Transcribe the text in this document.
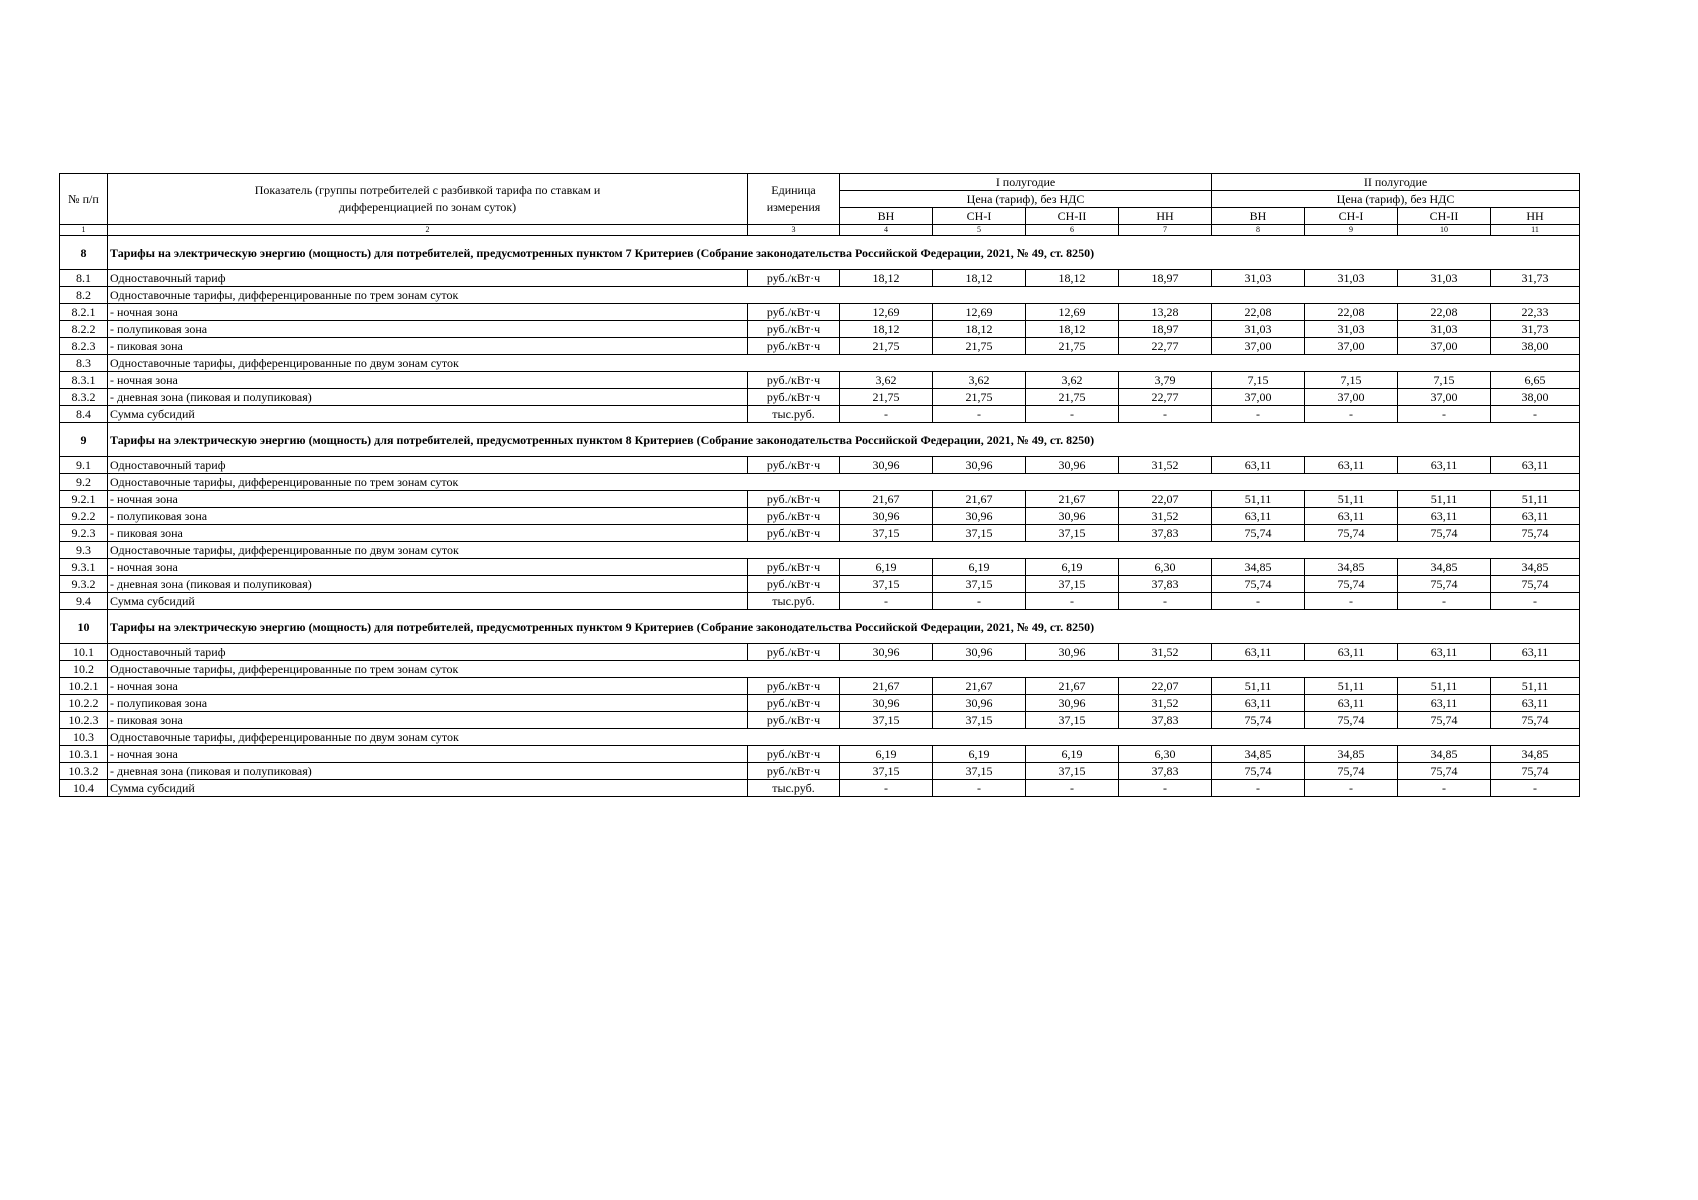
№ п/п	Показатель (группы потребителей с разбивкой тарифа по ставкам и дифференциацией по зонам суток)	Единица измерения	I полугодие				II полугодие			
			Цена (тариф), без НДС				Цена (тариф), без НДС			
			ВН	СН-I	СН-II	НН	ВН	СН-I	СН-II	НН
1	2	3	4	5	6	7	8	9	10	11
8	Тарифы на электрическую энергию (мощность) для потребителей, предусмотренных пунктом 7 Критериев (Собрание законодательства Российской Федерации, 2021, № 49, ст. 8250)									
8.1	Одноставочный тариф	руб./кВт·ч	18,12	18,12	18,12	18,97	31,03	31,03	31,03	31,73
8.2	Одноставочные тарифы, дифференцированные по трем зонам суток									
8.2.1	- ночная зона	руб./кВт·ч	12,69	12,69	12,69	13,28	22,08	22,08	22,08	22,33
8.2.2	- полупиковая зона	руб./кВт·ч	18,12	18,12	18,12	18,97	31,03	31,03	31,03	31,73
8.2.3	- пиковая зона	руб./кВт·ч	21,75	21,75	21,75	22,77	37,00	37,00	37,00	38,00
8.3	Одноставочные тарифы, дифференцированные по двум зонам суток									
8.3.1	- ночная зона	руб./кВт·ч	3,62	3,62	3,62	3,79	7,15	7,15	7,15	6,65
8.3.2	- дневная зона (пиковая и полупиковая)	руб./кВт·ч	21,75	21,75	21,75	22,77	37,00	37,00	37,00	38,00
8.4	Сумма субсидий	тыс.руб.	-	-	-	-	-	-	-	-
9	Тарифы на электрическую энергию (мощность) для потребителей, предусмотренных пунктом 8 Критериев (Собрание законодательства Российской Федерации, 2021, № 49, ст. 8250)									
9.1	Одноставочный тариф	руб./кВт·ч	30,96	30,96	30,96	31,52	63,11	63,11	63,11	63,11
9.2	Одноставочные тарифы, дифференцированные по трем зонам суток									
9.2.1	- ночная зона	руб./кВт·ч	21,67	21,67	21,67	22,07	51,11	51,11	51,11	51,11
9.2.2	- полупиковая зона	руб./кВт·ч	30,96	30,96	30,96	31,52	63,11	63,11	63,11	63,11
9.2.3	- пиковая зона	руб./кВт·ч	37,15	37,15	37,15	37,83	75,74	75,74	75,74	75,74
9.3	Одноставочные тарифы, дифференцированные по двум зонам суток									
9.3.1	- ночная зона	руб./кВт·ч	6,19	6,19	6,19	6,30	34,85	34,85	34,85	34,85
9.3.2	- дневная зона (пиковая и полупиковая)	руб./кВт·ч	37,15	37,15	37,15	37,83	75,74	75,74	75,74	75,74
9.4	Сумма субсидий	тыс.руб.	-	-	-	-	-	-	-	-
10	Тарифы на электрическую энергию (мощность) для потребителей, предусмотренных пунктом 9 Критериев (Собрание законодательства Российской Федерации, 2021, № 49, ст. 8250)									
10.1	Одноставочный тариф	руб./кВт·ч	30,96	30,96	30,96	31,52	63,11	63,11	63,11	63,11
10.2	Одноставочные тарифы, дифференцированные по трем зонам суток									
10.2.1	- ночная зона	руб./кВт·ч	21,67	21,67	21,67	22,07	51,11	51,11	51,11	51,11
10.2.2	- полупиковая зона	руб./кВт·ч	30,96	30,96	30,96	31,52	63,11	63,11	63,11	63,11
10.2.3	- пиковая зона	руб./кВт·ч	37,15	37,15	37,15	37,83	75,74	75,74	75,74	75,74
10.3	Одноставочные тарифы, дифференцированные по двум зонам суток									
10.3.1	- ночная зона	руб./кВт·ч	6,19	6,19	6,19	6,30	34,85	34,85	34,85	34,85
10.3.2	- дневная зона (пиковая и полупиковая)	руб./кВт·ч	37,15	37,15	37,15	37,83	75,74	75,74	75,74	75,74
10.4	Сумма субсидий	тыс.руб.	-	-	-	-	-	-	-	-
